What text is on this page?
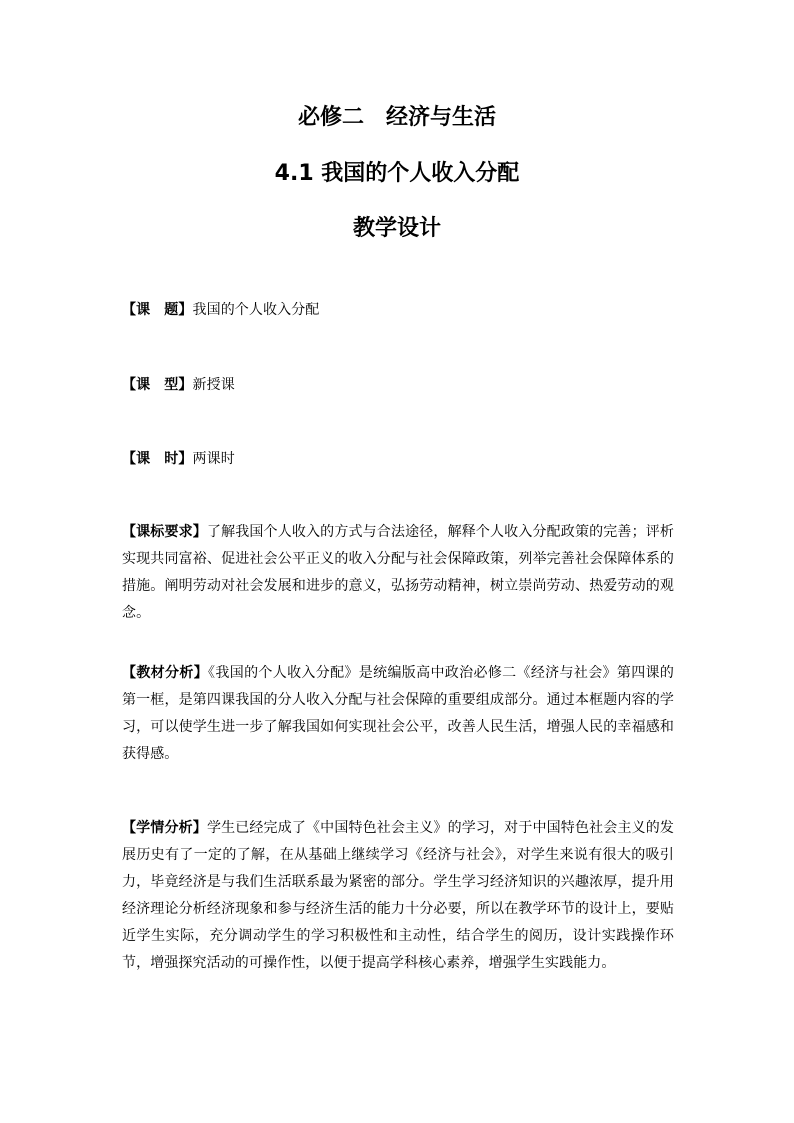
必修二　经济与生活
4.1 我国的个人收入分配
教学设计
【课　题】我国的个人收入分配
【课　型】新授课
【课　时】两课时
【课标要求】了解我国个人收入的方式与合法途径，解释个人收入分配政策的完善；评析实现共同富裕、促进社会公平正义的收入分配与社会保障政策，列举完善社会保障体系的措施。阐明劳动对社会发展和进步的意义，弘扬劳动精神，树立崇尚劳动、热爱劳动的观念。
【教材分析】《我国的个人收入分配》是统编版高中政治必修二《经济与社会》第四课的第一框，是第四课我国的分人收入分配与社会保障的重要组成部分。通过本框题内容的学习，可以使学生进一步了解我国如何实现社会公平，改善人民生活，增强人民的幸福感和获得感。
【学情分析】学生已经完成了《中国特色社会主义》的学习，对于中国特色社会主义的发展历史有了一定的了解，在从基础上继续学习《经济与社会》，对学生来说有很大的吸引力，毕竟经济是与我们生活联系最为紧密的部分。学生学习经济知识的兴趣浓厚，提升用经济理论分析经济现象和参与经济生活的能力十分必要，所以在教学环节的设计上，要贴近学生实际，充分调动学生的学习积极性和主动性，结合学生的阅历，设计实践操作环节，增强探究活动的可操作性，以便于提高学科核心素养，增强学生实践能力。
